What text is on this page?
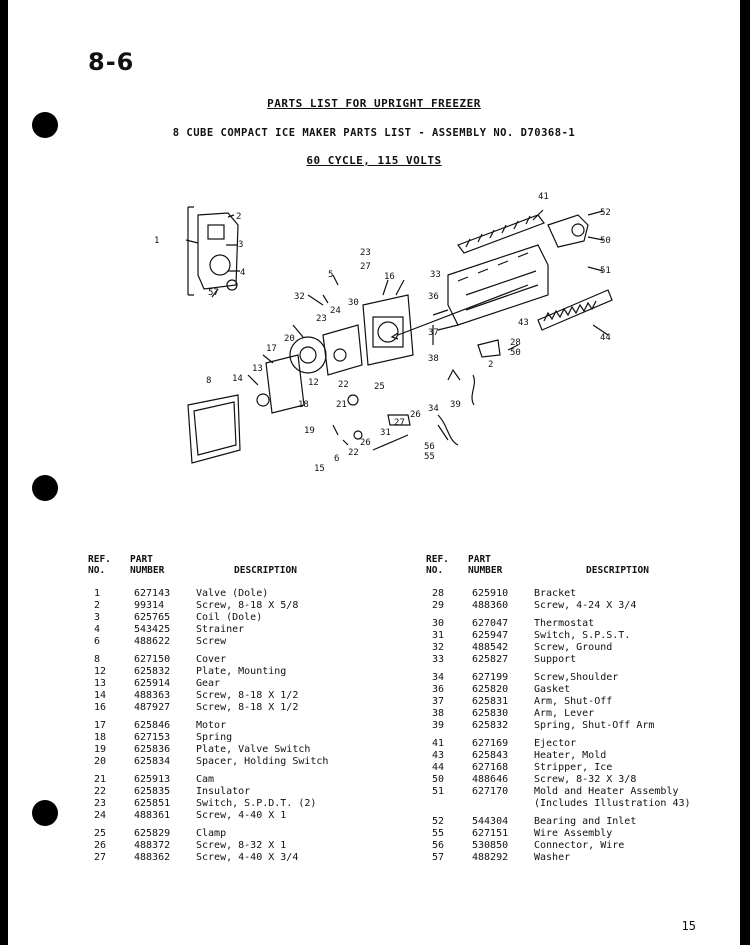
8-6
PARTS LIST FOR UPRIGHT FREEZER
8 CUBE COMPACT ICE MAKER PARTS LIST - ASSEMBLY NO. D70368-1
60 CYCLE, 115 VOLTS
1
2
3
57
4
23
27
5	16	33
41
52
50
51
32
30
24
23
36
43
44
28
50
2
20
17
13
14
8	22
38
37
21
25
26
34 39
27
31
26
12
18
19
22
15
56
55
6
REF.
NO.
PART
NUMBER	DESCRIPTION
1	627143	Valve (Dole)
2	99314	Screw, 8-18 X 5/8
3	625765	Coil (Dole)
4	543425	Strainer
6	488622	Screw
8	627150	Cover
12	625832	Plate, Mounting
13	625914	Gear
14	488363	Screw, 8-18 X 1/2
16	487927	Screw, 8-18 X 1/2
17	625846	Motor
18	627153	Spring
19	625836	Plate, Valve Switch
20	625834	Spacer, Holding Switch
21	625913	Cam
22	625835	Insulator
23	625851	Switch, S.P.D.T. (2)
24	488361	Screw, 4-40 X 1
25	625829	Clamp
26	488372	Screw, 8-32 X 1
27	488362	Screw, 4-40 X 3/4
REF.
NO.
PART
NUMBER	DESCRIPTION
28	625910	Bracket
29	488360	Screw, 4-24 X 3/4
30	627047	Thermostat
31	625947	Switch, S.P.S.T.
32	488542	Screw, Ground
33	625827	Support
34	627199	Screw,Shoulder
36	625820	Gasket
37	625831	Arm, Shut-Off
38	625830	Arm, Lever
39	625832	Spring, Shut-Off Arm
41	627169	Ejector
43	625843	Heater, Mold
44	627168	Stripper, Ice
50	488646	Screw, 8-32 X 3/8
51	627170	Mold and Heater Assembly
(Includes Illustration 43)
52	544304	Bearing and Inlet
55	627151	Wire Assembly
56	530850	Connector, Wire
57	488292	Washer
15
